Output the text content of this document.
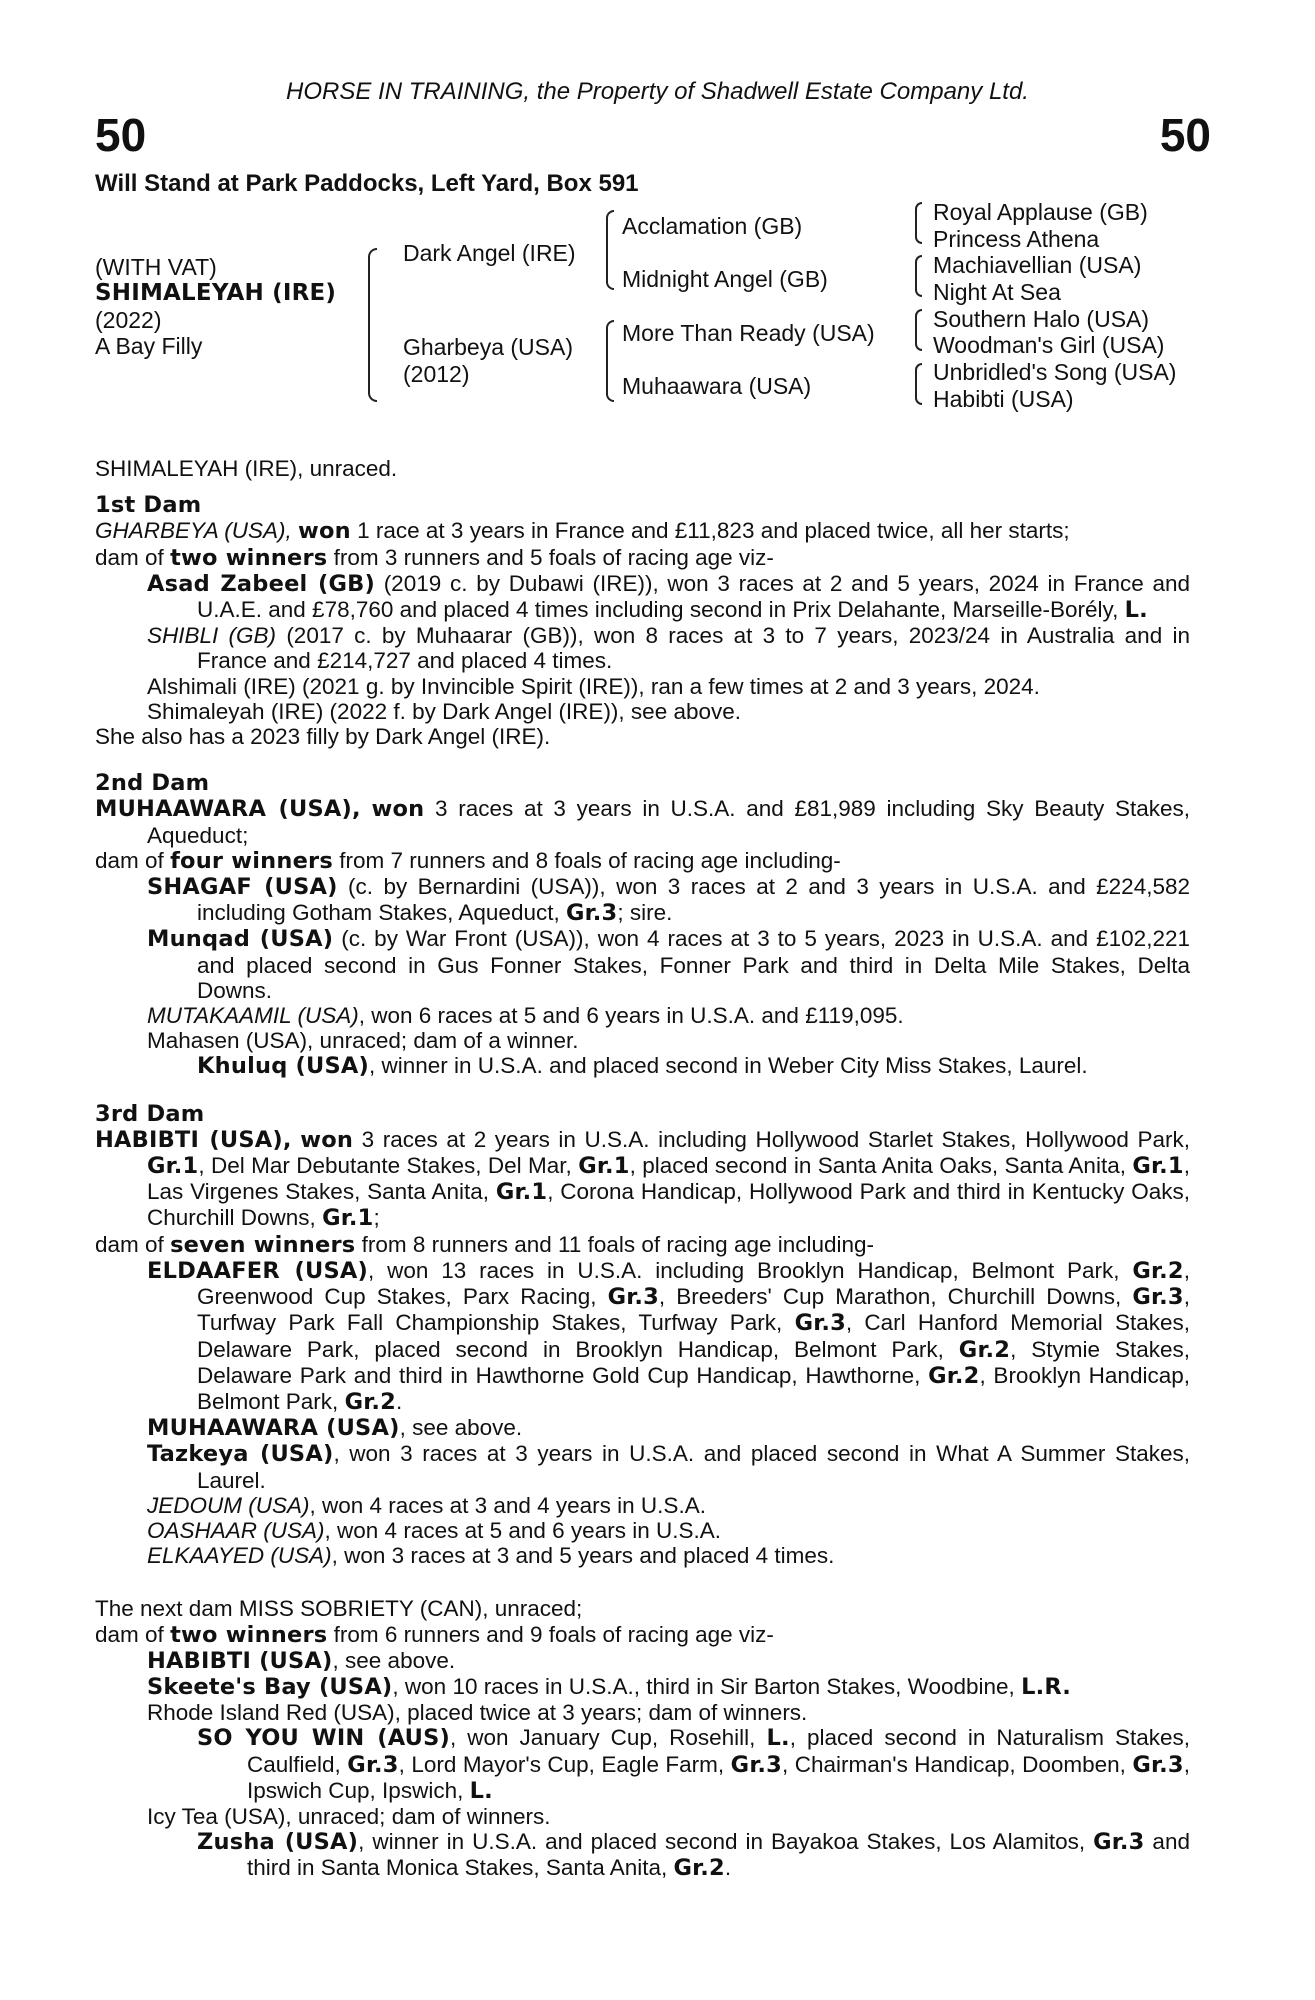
HORSE IN TRAINING, the Property of Shadwell Estate Company Ltd.
50	50
Will Stand at Park Paddocks, Left Yard, Box 591
(WITH VAT)
SHIMALEYAH (IRE)
(2022)
A Bay Filly
Dark Angel (IRE)
Gharbeya (USA)
(2012)
Acclamation (GB)
Midnight Angel (GB)
More Than Ready (USA)
Muhaawara (USA)
Royal Applause (GB)
Princess Athena
Machiavellian (USA)
Night At Sea
Southern Halo (USA)
Woodman's Girl (USA)
Unbridled's Song (USA)
Habibti (USA)

SHIMALEYAH (IRE), unraced.

1st Dam

GHARBEYA (USA), won 1 race at 3 years in France and £11,823 and placed twice, all her starts;

dam of two winners from 3 runners and 5 foals of racing age viz-

Asad Zabeel (GB) (2019 c. by Dubawi (IRE)), won 3 races at 2 and 5 years, 2024 in France and U.A.E. and £78,760 and placed 4 times including second in Prix Delahante, Marseille-Borély, L.

SHIBLI (GB) (2017 c. by Muhaarar (GB)), won 8 races at 3 to 7 years, 2023/24 in Australia and in France and £214,727 and placed 4 times.

Alshimali (IRE) (2021 g. by Invincible Spirit (IRE)), ran a few times at 2 and 3 years, 2024.

Shimaleyah (IRE) (2022 f. by Dark Angel (IRE)), see above.

She also has a 2023 filly by Dark Angel (IRE).

2nd Dam

MUHAAWARA (USA), won 3 races at 3 years in U.S.A. and £81,989 including Sky Beauty Stakes, Aqueduct;

dam of four winners from 7 runners and 8 foals of racing age including-

SHAGAF (USA) (c. by Bernardini (USA)), won 3 races at 2 and 3 years in U.S.A. and £224,582 including Gotham Stakes, Aqueduct, Gr.3; sire.

Munqad (USA) (c. by War Front (USA)), won 4 races at 3 to 5 years, 2023 in U.S.A. and £102,221 and placed second in Gus Fonner Stakes, Fonner Park and third in Delta Mile Stakes, Delta Downs.

MUTAKAAMIL (USA), won 6 races at 5 and 6 years in U.S.A. and £119,095.

Mahasen (USA), unraced; dam of a winner.

Khuluq (USA), winner in U.S.A. and placed second in Weber City Miss Stakes, Laurel.

3rd Dam

HABIBTI (USA), won 3 races at 2 years in U.S.A. including Hollywood Starlet Stakes, Hollywood Park, Gr.1, Del Mar Debutante Stakes, Del Mar, Gr.1, placed second in Santa Anita Oaks, Santa Anita, Gr.1, Las Virgenes Stakes, Santa Anita, Gr.1, Corona Handicap, Hollywood Park and third in Kentucky Oaks, Churchill Downs, Gr.1;

dam of seven winners from 8 runners and 11 foals of racing age including-

ELDAAFER (USA), won 13 races in U.S.A. including Brooklyn Handicap, Belmont Park, Gr.2, Greenwood Cup Stakes, Parx Racing, Gr.3, Breeders' Cup Marathon, Churchill Downs, Gr.3, Turfway Park Fall Championship Stakes, Turfway Park, Gr.3, Carl Hanford Memorial Stakes, Delaware Park, placed second in Brooklyn Handicap, Belmont Park, Gr.2, Stymie Stakes, Delaware Park and third in Hawthorne Gold Cup Handicap, Hawthorne, Gr.2, Brooklyn Handicap, Belmont Park, Gr.2.

MUHAAWARA (USA), see above.

Tazkeya (USA), won 3 races at 3 years in U.S.A. and placed second in What A Summer Stakes, Laurel.

JEDOUM (USA), won 4 races at 3 and 4 years in U.S.A.

OASHAAR (USA), won 4 races at 5 and 6 years in U.S.A.

ELKAAYED (USA), won 3 races at 3 and 5 years and placed 4 times.

The next dam MISS SOBRIETY (CAN), unraced;

dam of two winners from 6 runners and 9 foals of racing age viz-

HABIBTI (USA), see above.

Skeete's Bay (USA), won 10 races in U.S.A., third in Sir Barton Stakes, Woodbine, L.R.

Rhode Island Red (USA), placed twice at 3 years; dam of winners.

SO YOU WIN (AUS), won January Cup, Rosehill, L., placed second in Naturalism Stakes, Caulfield, Gr.3, Lord Mayor's Cup, Eagle Farm, Gr.3, Chairman's Handicap, Doomben, Gr.3, Ipswich Cup, Ipswich, L.

Icy Tea (USA), unraced; dam of winners.

Zusha (USA), winner in U.S.A. and placed second in Bayakoa Stakes, Los Alamitos, Gr.3 and third in Santa Monica Stakes, Santa Anita, Gr.2.
